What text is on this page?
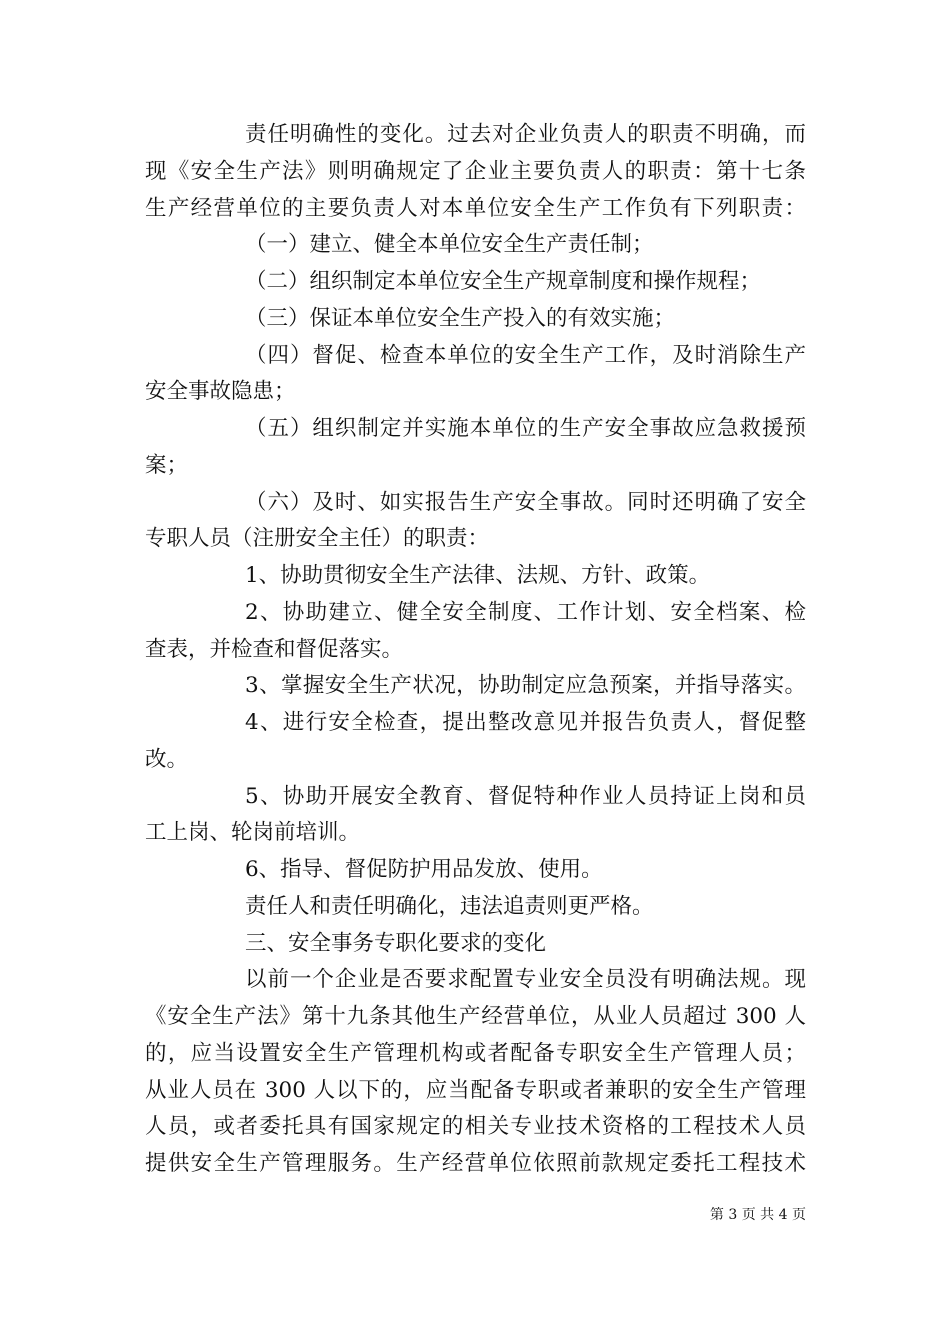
责任明确性的变化。过去对企业负责人的职责不明确，而
现《安全生产法》则明确规定了企业主要负责人的职责：第十七条
生产经营单位的主要负责人对本单位安全生产工作负有下列职责：
（一）建立、健全本单位安全生产责任制；
（二）组织制定本单位安全生产规章制度和操作规程；
（三）保证本单位安全生产投入的有效实施；
（四）督促、检查本单位的安全生产工作，及时消除生产
安全事故隐患；
（五）组织制定并实施本单位的生产安全事故应急救援预
案；
（六）及时、如实报告生产安全事故。同时还明确了安全
专职人员（注册安全主任）的职责：
1、协助贯彻安全生产法律、法规、方针、政策。
2、协助建立、健全安全制度、工作计划、安全档案、检
查表，并检查和督促落实。
3、掌握安全生产状况，协助制定应急预案，并指导落实。
4、进行安全检查，提出整改意见并报告负责人，督促整
改。
5、协助开展安全教育、督促特种作业人员持证上岗和员
工上岗、轮岗前培训。
6、指导、督促防护用品发放、使用。
责任人和责任明确化，违法追责则更严格。
三、安全事务专职化要求的变化
以前一个企业是否要求配置专业安全员没有明确法规。现
《安全生产法》第十九条其他生产经营单位，从业人员超过 300 人
的，应当设置安全生产管理机构或者配备专职安全生产管理人员；
从业人员在 300 人以下的，应当配备专职或者兼职的安全生产管理
人员，或者委托具有国家规定的相关专业技术资格的工程技术人员
提供安全生产管理服务。生产经营单位依照前款规定委托工程技术
第 3 页 共 4 页
